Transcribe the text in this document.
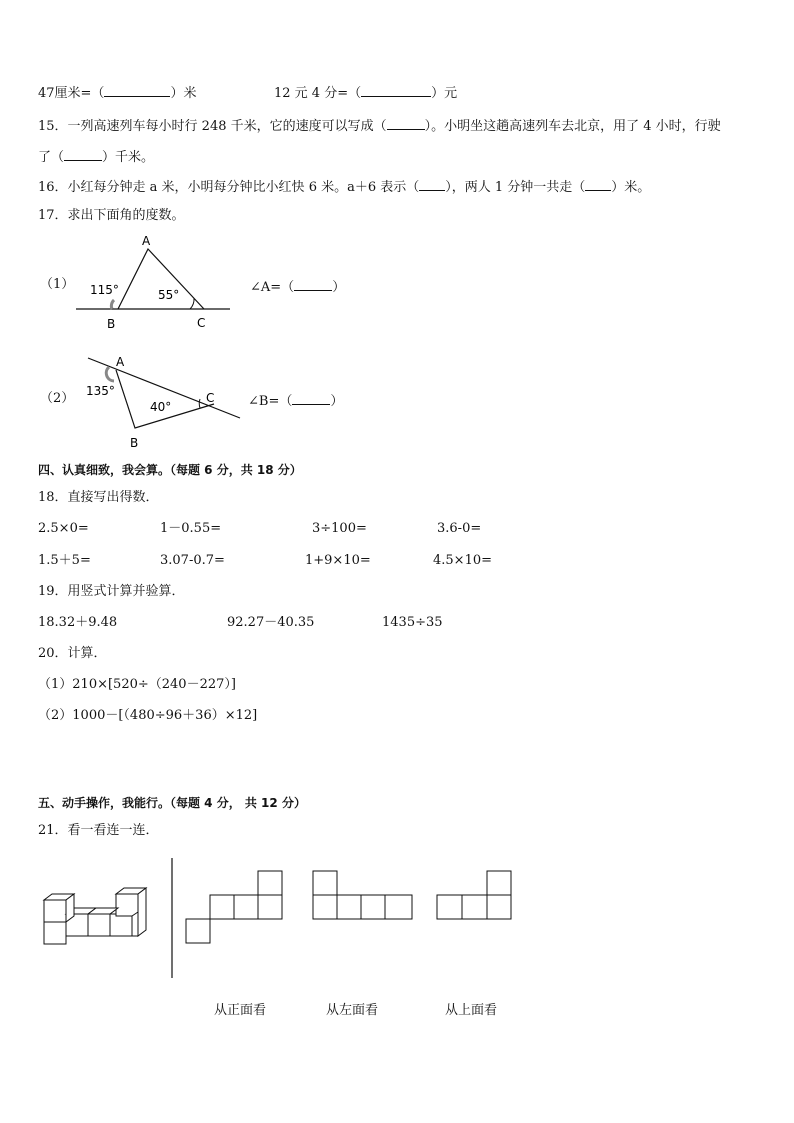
47厘米=（	）米	12 元 4 分=（	）元
15．一列高速列车每小时行 248 千米，它的速度可以写成（	）。小明坐这趟高速列车去北京，用了 4 小时，行驶
了（	）千米。
16．小红每分钟走 a 米，小明每分钟比小红快 6 米。a＋6 表示（ ），两人 1 分钟一共走（ ）米。
17．求出下面角的度数。
（1）
A
B	C
115°	55°
A
B
C
135°
40°
∠A=（	）
（2）	∠B=（	）
四、认真细致，我会算。（每题 6 分，共 18 分）
18．直接写出得数．
2.5×0=	1－0.55=	3÷100=	3.6-0=
1.5＋5=	3.07-0.7=	1+9×10=	4.5×10=
19．用竖式计算并验算．
18.32＋9.48	92.27－40.35	1435÷35
20．计算．
（1）210×[520÷（240－227）]
（2）1000－[（480÷96＋36）×12]
五、动手操作，我能行。（每题 4 分， 共 12 分）
21．看一看连一连．
从正面看	从左面看	从上面看
